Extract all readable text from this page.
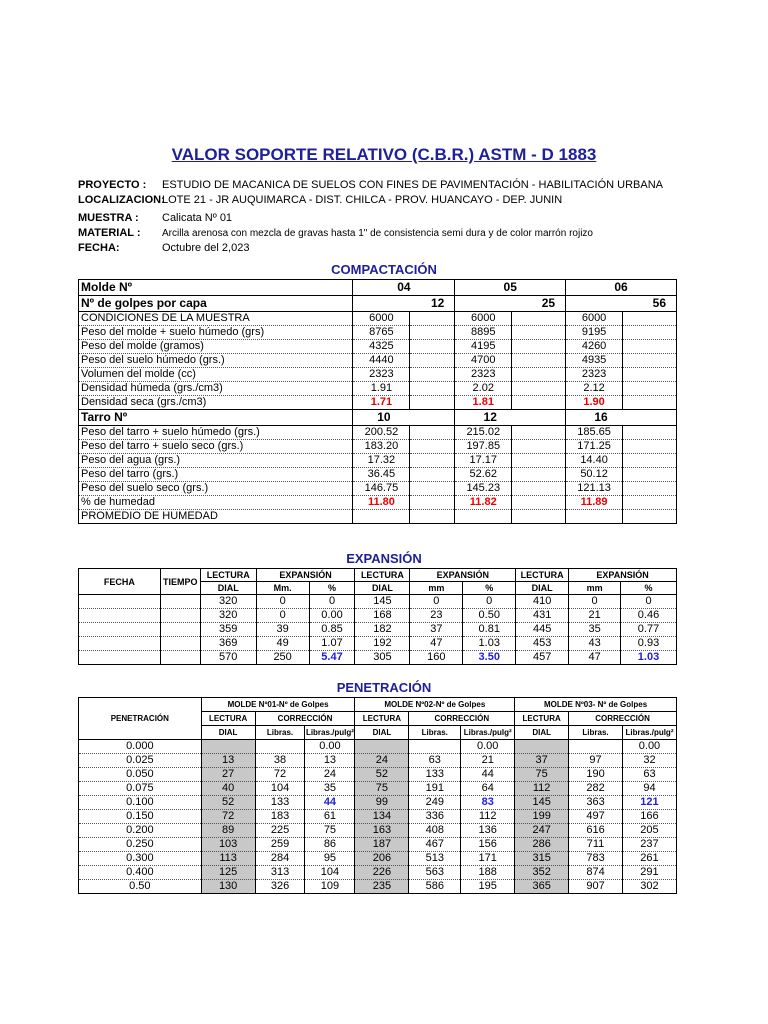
VALOR SOPORTE RELATIVO (C.B.R.) ASTM - D 1883
PROYECTO : ESTUDIO DE MACANICA DE SUELOS CON FINES DE PAVIMENTACIÓN - HABILITACIÓN URBANA
LOCALIZACION:LOTE 21 - JR AUQUIMARCA - DIST. CHILCA - PROV. HUANCAYO - DEP. JUNIN
MUESTRA : Calicata Nº 01
MATERIAL : Arcilla arenosa con mezcla de gravas hasta 1" de consistencia semi dura y de color marrón rojizo
FECHA:	Octubre del 2,023
COMPACTACIÓN
Molde Nº	04		05		06	
Nº de golpes por capa	12		25		56	
CONDICIONES DE LA MUESTRA	6000		6000		6000	
Peso del molde + suelo húmedo (grs)	8765		8895		9195	
Peso del molde (gramos)	4325		4195		4260	
Peso del suelo húmedo (grs.)	4440		4700		4935	
Volumen del molde (cc)	2323		2323		2323	
Densidad húmeda (grs./cm3)	1.91		2.02		2.12	
Densidad seca (grs./cm3)	1.71		1.81		1.90	
Tarro Nº	10		12		16	
Peso del tarro + suelo húmedo (grs.)	200.52		215.02		185.65	
Peso del tarro + suelo seco (grs.)	183.20		197.85		171.25	
Peso del agua (grs.)	17.32		17.17		14.40	
Peso del tarro (grs.)	36.45		52.62		50.12	
Peso del suelo seco (grs.)	146.75		145.23		121.13	
% de humedad	11.80		11.82		11.89	
PROMEDIO DE HUMEDAD						
EXPANSIÓN
FECHA	TIEMPO	LECTURA	EXPANSIÓN		LECTURA	EXPANSIÓN		LECTURA	EXPANSIÓN	
		DIAL	Mm.	%	DIAL	mm	%	DIAL	mm	%
		320	0	0	145	0	0	410	0	0
		320	0	0.00	168	23	0.50	431	21	0.46
		359	39	0.85	182	37	0.81	445	35	0.77
		369	49	1.07	192	47	1.03	453	43	0.93
		570	250	5.47	305	160	3.50	457	47	1.03
PENETRACIÓN
PENETRACIÓN	MOLDE Nº01-Nº de Golpes			MOLDE Nº02-Nº de Golpes			MOLDE Nº03- Nº de Golpes		
	LECTURA	CORRECCIÓN		LECTURA	CORRECCIÓN		LECTURA	CORRECCIÓN	
	DIAL	Libras.	Libras./pulg²	DIAL	Libras.	Libras./pulg²	DIAL	Libras.	Libras./pulg²
0.000			0.00			0.00			0.00
0.025	13	38	13	24	63	21	37	97	32
0.050	27	72	24	52	133	44	75	190	63
0.075	40	104	35	75	191	64	112	282	94
0.100	52	133	44	99	249	83	145	363	121
0.150	72	183	61	134	336	112	199	497	166
0.200	89	225	75	163	408	136	247	616	205
0.250	103	259	86	187	467	156	286	711	237
0.300	113	284	95	206	513	171	315	783	261
0.400	125	313	104	226	563	188	352	874	291
0.50	130	326	109	235	586	195	365	907	302
